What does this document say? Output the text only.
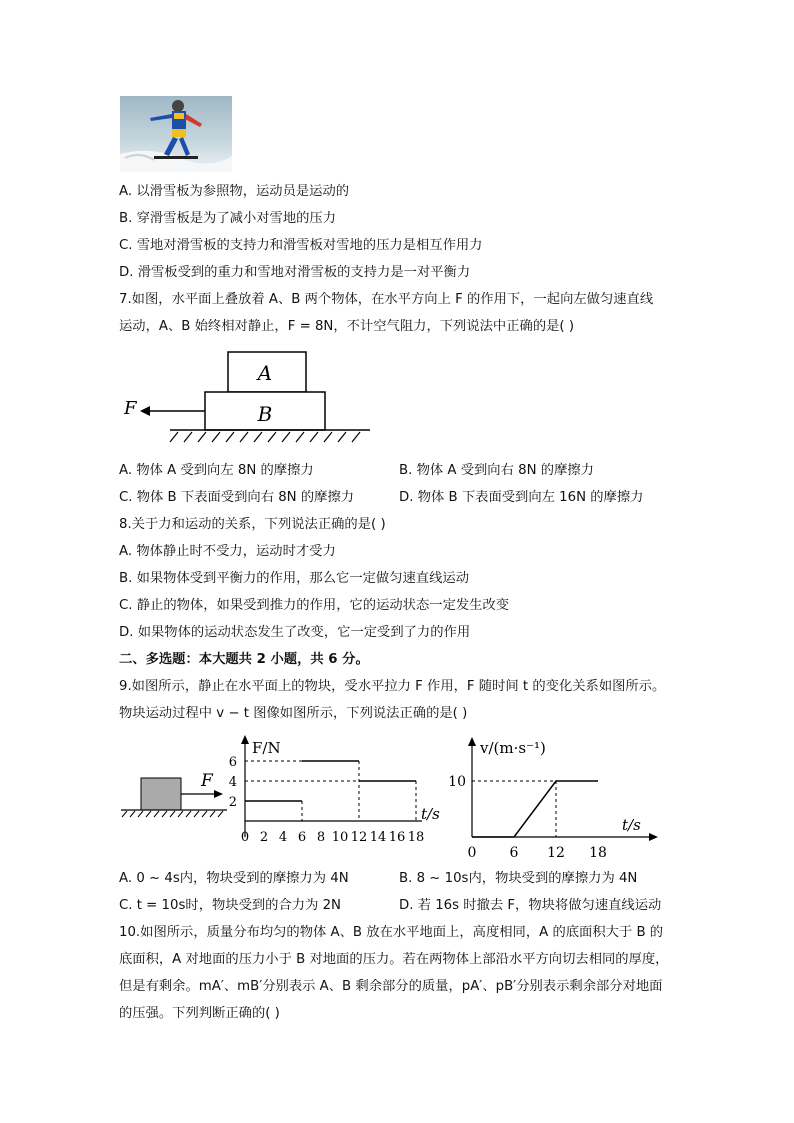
A. 以滑雪板为参照物，运动员是运动的
B. 穿滑雪板是为了减小对雪地的压力
C. 雪地对滑雪板的支持力和滑雪板对雪地的压力是相互作用力
D. 滑雪板受到的重力和雪地对滑雪板的支持力是一对平衡力
7.如图，水平面上叠放着 A、B 两个物体，在水平方向上 F 的作用下，一起向左做匀速直线
运动，A、B 始终相对静止，F = 8N，不计空气阻力，下列说法中正确的是( )
A
B
F
A. 物体 A 受到向左 8N 的摩擦力	B. 物体 A 受到向右 8N 的摩擦力
C. 物体 B 下表面受到向右 8N 的摩擦力	D. 物体 B 下表面受到向左 16N 的摩擦力
8.关于力和运动的关系，下列说法正确的是( )
A. 物体静止时不受力，运动时才受力
B. 如果物体受到平衡力的作用，那么它一定做匀速直线运动
C. 静止的物体，如果受到推力的作用，它的运动状态一定发生改变
D. 如果物体的运动状态发生了改变，它一定受到了力的作用
二、多选题：本大题共 2 小题，共 6 分。
9.如图所示，静止在水平面上的物块，受水平拉力 F 作用，F 随时间 t 的变化关系如图所示。
物块运动过程中 v − t 图像如图所示，下列说法正确的是( )
F
F/N
0 2 4 6 8 10 12 14 16 18
2
4
6
t/s
v/(m·s⁻¹)
t/s
0 6 12 18
10
A. 0 ~ 4s内，物块受到的摩擦力为 4N	B. 8 ~ 10s内，物块受到的摩擦力为 4N
C. t = 10s时，物块受到的合力为 2N	D. 若 16s 时撤去 F，物块将做匀速直线运动
10.如图所示，质量分布均匀的物体 A、B 放在水平地面上，高度相同，A 的底面积大于 B 的
底面积，A 对地面的压力小于 B 对地面的压力。若在两物体上部沿水平方向切去相同的厚度，
但是有剩余。mA′、mB′分别表示 A、B 剩余部分的质量，pA′、pB′分别表示剩余部分对地面
的压强。下列判断正确的( )
